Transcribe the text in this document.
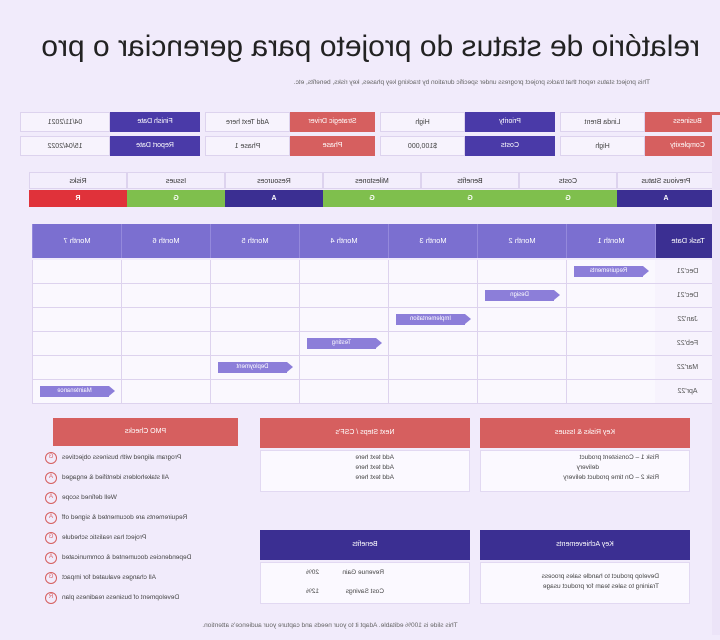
relatório de status do projeto para gerenciar o pro
This project status report that tracks project progress under specific duration by tracking key phases, key risks, benefits, etc.
Business
Linda Brent
Priority
High
Strategic Driver
Add Text here
Finish Date
04/11/2021
Complexity
High
Costs
$100,000
Phase
Phase 1
Report Date
15/04/2022
Previous Status
A
Costs
G
Benefits
G
Milestones
G
Resources
A
Issues
G
Risks
R
Task Date
Month 1
Month 2
Month 3
Month 4
Month 5
Month 6
Month 7
Dec'21
Requirements
Dec'21
Design
Jan'22
Implementation
Feb'22
Testing
Mar'22
Deployment
Apr'22
Maintenance
Key Risks & Issues
Risk 1 – Consistent product
delivery
Risk 2 – On time product delivery
Next Steps / CSF's
Add text here
Add text here
Add text here
Key Achievements
Develop product to handle sales process
Training to sales team for product usage
Benefits
Revenue Gain
20%
Cost Savings
12%
PMO Checks
Program aligned with business objectives
G
All stakeholders identified & engaged
A
Well defined scope
A
Requirements are documented & signed off
A
Project has realistic schedule
G
Dependencies documented & communicated
A
All changes evaluated for impact
G
Development of business readiness plan
R
This slide is 100% editable. Adapt it to your needs and capture your audience's attention.
